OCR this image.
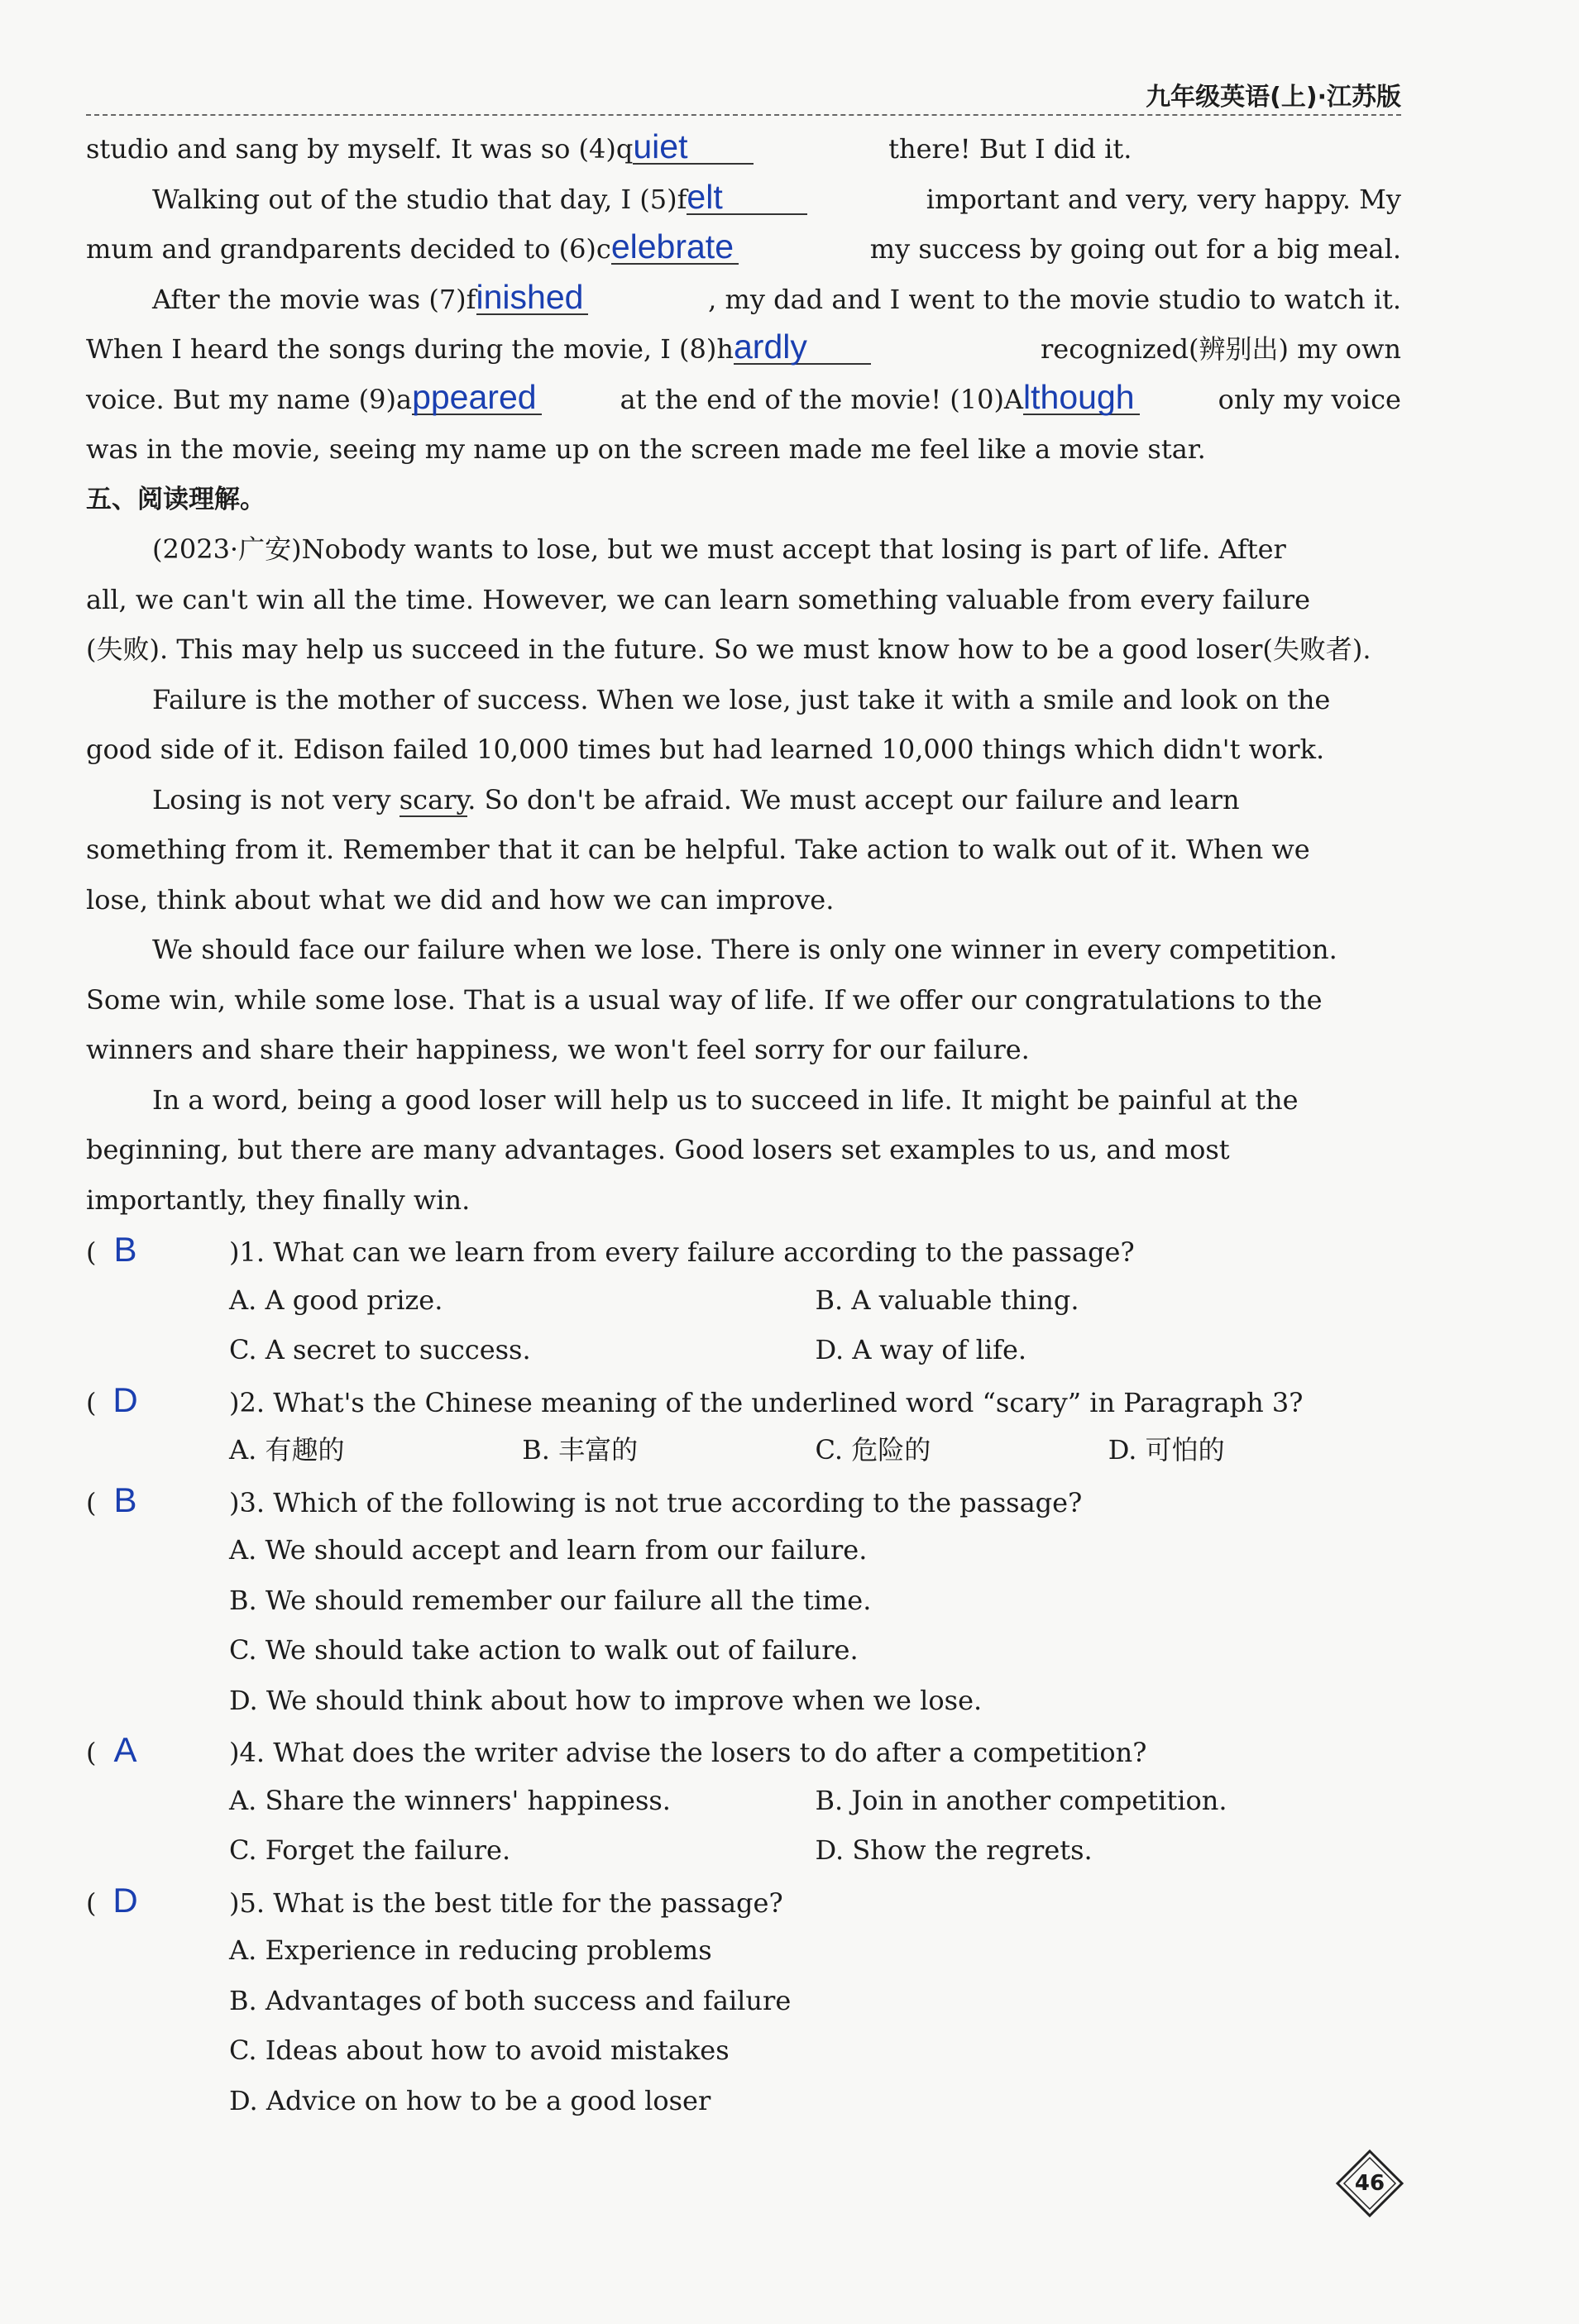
九年级英语(上)·江苏版
studio and sang by myself. It was so (4)quiet	there! But I did it.
Walking out of the studio that day, I (5)felt	important and very, very happy. My
mum and grandparents decided to (6)celebrate	my success by going out for a big meal.
After the movie was (7)finished	, my dad and I went to the movie studio to watch it.
When I heard the songs during the movie, I (8)hardly	recognized(辨别出) my own
voice. But my name (9)appeared	at the end of the movie! (10)Although	only my voice
was in the movie, seeing my name up on the screen made me feel like a movie star.
五、阅读理解。
(2023·广安)Nobody wants to lose, but we must accept that losing is part of life. After
all, we can't win all the time. However, we can learn something valuable from every failure
(失败). This may help us succeed in the future. So we must know how to be a good loser(失败者).
Failure is the mother of success. When we lose, just take it with a smile and look on the
good side of it. Edison failed 10,000 times but had learned 10,000 things which didn't work.
Losing is not very scary. So don't be afraid. We must accept our failure and learn
something from it. Remember that it can be helpful. Take action to walk out of it. When we
lose, think about what we did and how we can improve.
We should face our failure when we lose. There is only one winner in every competition.
Some win, while some lose. That is a usual way of life. If we offer our congratulations to the
winners and share their happiness, we won't feel sorry for our failure.
In a word, being a good loser will help us to succeed in life. It might be painful at the
beginning, but there are many advantages. Good losers set examples to us, and most
importantly, they finally win.
( B	)1. What can we learn from every failure according to the passage?
A. A good prize.	B. A valuable thing.
C. A secret to success.	D. A way of life.
( D	)2. What's the Chinese meaning of the underlined word “scary” in Paragraph 3?
A. 有趣的	B. 丰富的	C. 危险的	D. 可怕的
( B	)3. Which of the following is not true according to the passage?
A. We should accept and learn from our failure.
B. We should remember our failure all the time.
C. We should take action to walk out of failure.
D. We should think about how to improve when we lose.
( A	)4. What does the writer advise the losers to do after a competition?
A. Share the winners' happiness.	B. Join in another competition.
C. Forget the failure.	D. Show the regrets.
( D	)5. What is the best title for the passage?
A. Experience in reducing problems
B. Advantages of both success and failure
C. Ideas about how to avoid mistakes
D. Advice on how to be a good loser
46
